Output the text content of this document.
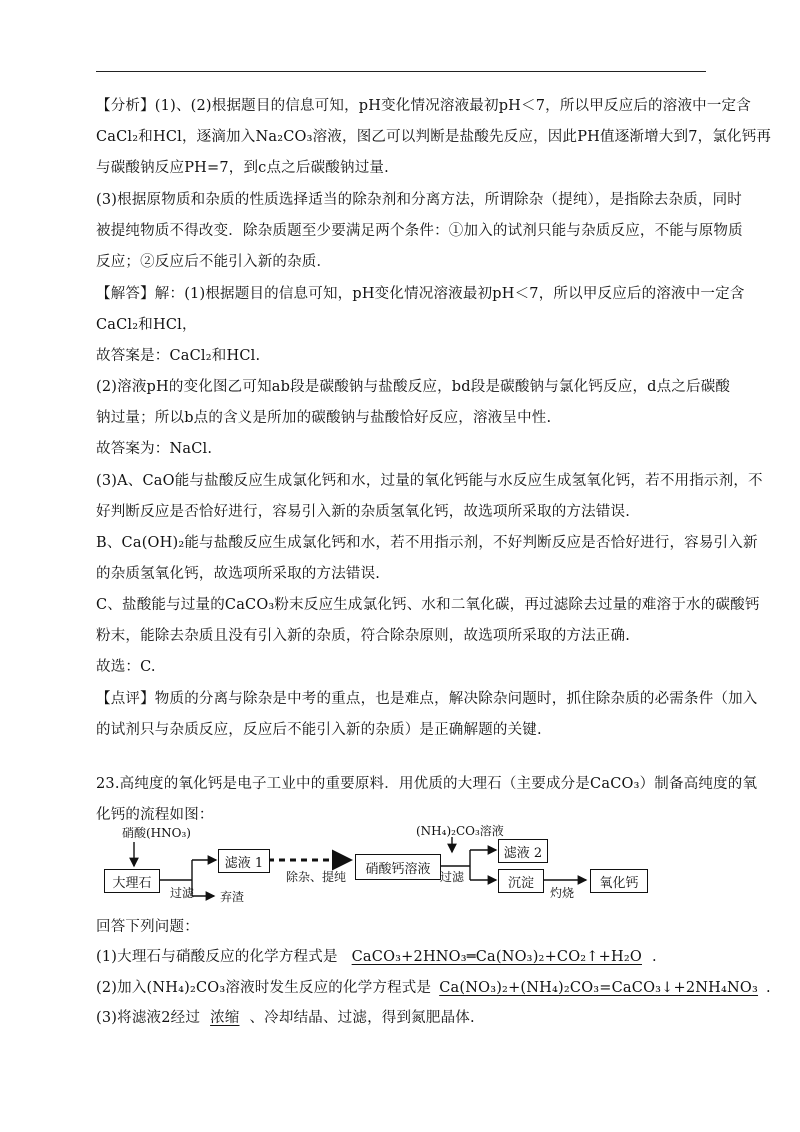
【分析】(1)、(2)根据题目的信息可知，pH变化情况溶液最初pH＜7，所以甲反应后的溶液中一定含
CaCl₂和HCl，逐滴加入Na₂CO₃溶液，图乙可以判断是盐酸先反应，因此PH值逐渐增大到7，氯化钙再
与碳酸钠反应PH=7，到c点之后碳酸钠过量.
(3)根据原物质和杂质的性质选择适当的除杂剂和分离方法，所谓除杂（提纯），是指除去杂质，同时
被提纯物质不得改变．除杂质题至少要满足两个条件：①加入的试剂只能与杂质反应，不能与原物质
反应；②反应后不能引入新的杂质．
【解答】解：(1)根据题目的信息可知，pH变化情况溶液最初pH＜7，所以甲反应后的溶液中一定含
CaCl₂和HCl，
故答案是：CaCl₂和HCl.
(2)溶液pH的变化图乙可知ab段是碳酸钠与盐酸反应，bd段是碳酸钠与氯化钙反应，d点之后碳酸
钠过量；所以b点的含义是所加的碳酸钠与盐酸恰好反应，溶液呈中性.
故答案为：NaCl.
(3)A、CaO能与盐酸反应生成氯化钙和水，过量的氧化钙能与水反应生成氢氧化钙，若不用指示剂，不
好判断反应是否恰好进行，容易引入新的杂质氢氧化钙，故选项所采取的方法错误.
B、Ca(OH)₂能与盐酸反应生成氯化钙和水，若不用指示剂，不好判断反应是否恰好进行，容易引入新
的杂质氢氧化钙，故选项所采取的方法错误.
C、盐酸能与过量的CaCO₃粉末反应生成氯化钙、水和二氧化碳，再过滤除去过量的难溶于水的碳酸钙
粉末，能除去杂质且没有引入新的杂质，符合除杂原则，故选项所采取的方法正确.
故选：C.
【点评】物质的分离与除杂是中考的重点，也是难点，解决除杂问题时，抓住除杂质的必需条件（加入
的试剂只与杂质反应，反应后不能引入新的杂质）是正确解题的关键.
23.高纯度的氧化钙是电子工业中的重要原料．用优质的大理石（主要成分是CaCO₃）制备高纯度的氧
化钙的流程如图：
硝酸(HNO₃)
大理石
过滤
滤液 1
弃渣
除杂、提纯
硝酸钙溶液
(NH₄)₂CO₃溶液
过滤
滤液 2
沉淀
灼烧
氧化钙
回答下列问题：
(1)大理石与硝酸反应的化学方程式是 CaCO₃+2HNO₃═Ca(NO₃)₂+CO₂↑+H₂O .
(2)加入(NH₄)₂CO₃溶液时发生反应的化学方程式是 Ca(NO₃)₂+(NH₄)₂CO₃=CaCO₃↓+2NH₄NO₃ .
(3)将滤液2经过 浓缩 、冷却结晶、过滤，得到氮肥晶体.
